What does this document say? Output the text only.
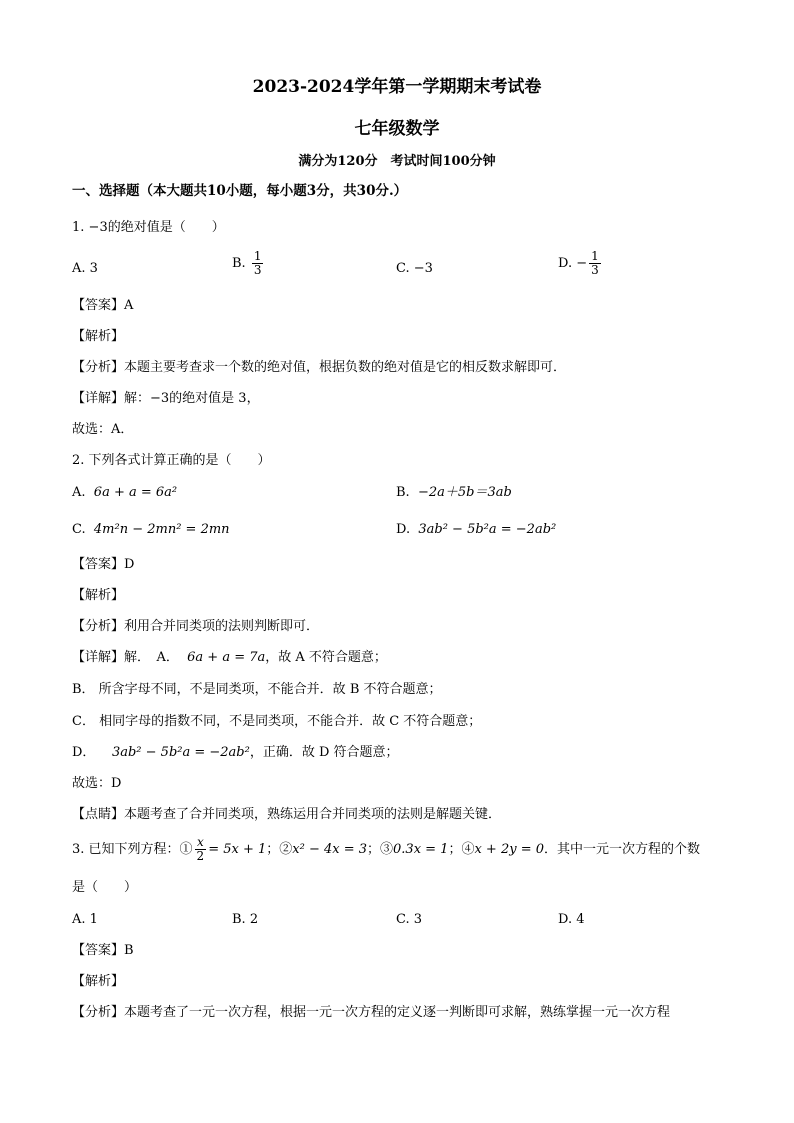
2023-2024学年第一学期期末考试卷
七年级数学
满分为120分　考试时间100分钟
一、选择题（本大题共10小题，每小题3分，共30分.）
1. −3的绝对值是（　　）
A. 3	B. $\frac{1}{3}$	C. −3	D. − $\frac{1}{3}$
【答案】A
【解析】
【分析】本题主要考查求一个数的绝对值，根据负数的绝对值是它的相反数求解即可．
【详解】解：−3的绝对值是 3，
故选：A．
2. 下列各式计算正确的是（　　）
A. 6a + a = 6a²	B. −2a＋5b＝3ab
C. 4m²n − 2mn² = 2mn	D. 3ab² − 5b²a = −2ab²
【答案】D
【解析】
【分析】利用合并同类项的法则判断即可．
【详解】解．　A． 6a + a = 7a，故 A 不符合题意；
B． 所含字母不同，不是同类项，不能合并．故 B 不符合题意；
C． 相同字母的指数不同，不是同类项，不能合并．故 C 不符合题意；
D． 3ab² − 5b²a = −2ab²，正确．故 D 符合题意；
故选：D
【点睛】本题考查了合并同类项，熟练运用合并同类项的法则是解题关键．
3. 已知下列方程：① $\frac{x}{2} = 5x + 1$；②x² − 4x = 3；③0.3x = 1；④x + 2y = 0．其中一元一次方程的个数
是（　　）
A. 1	B. 2	C. 3	D. 4
【答案】B
【解析】
【分析】本题考查了一元一次方程，根据一元一次方程的定义逐一判断即可求解，熟练掌握一元一次方程
